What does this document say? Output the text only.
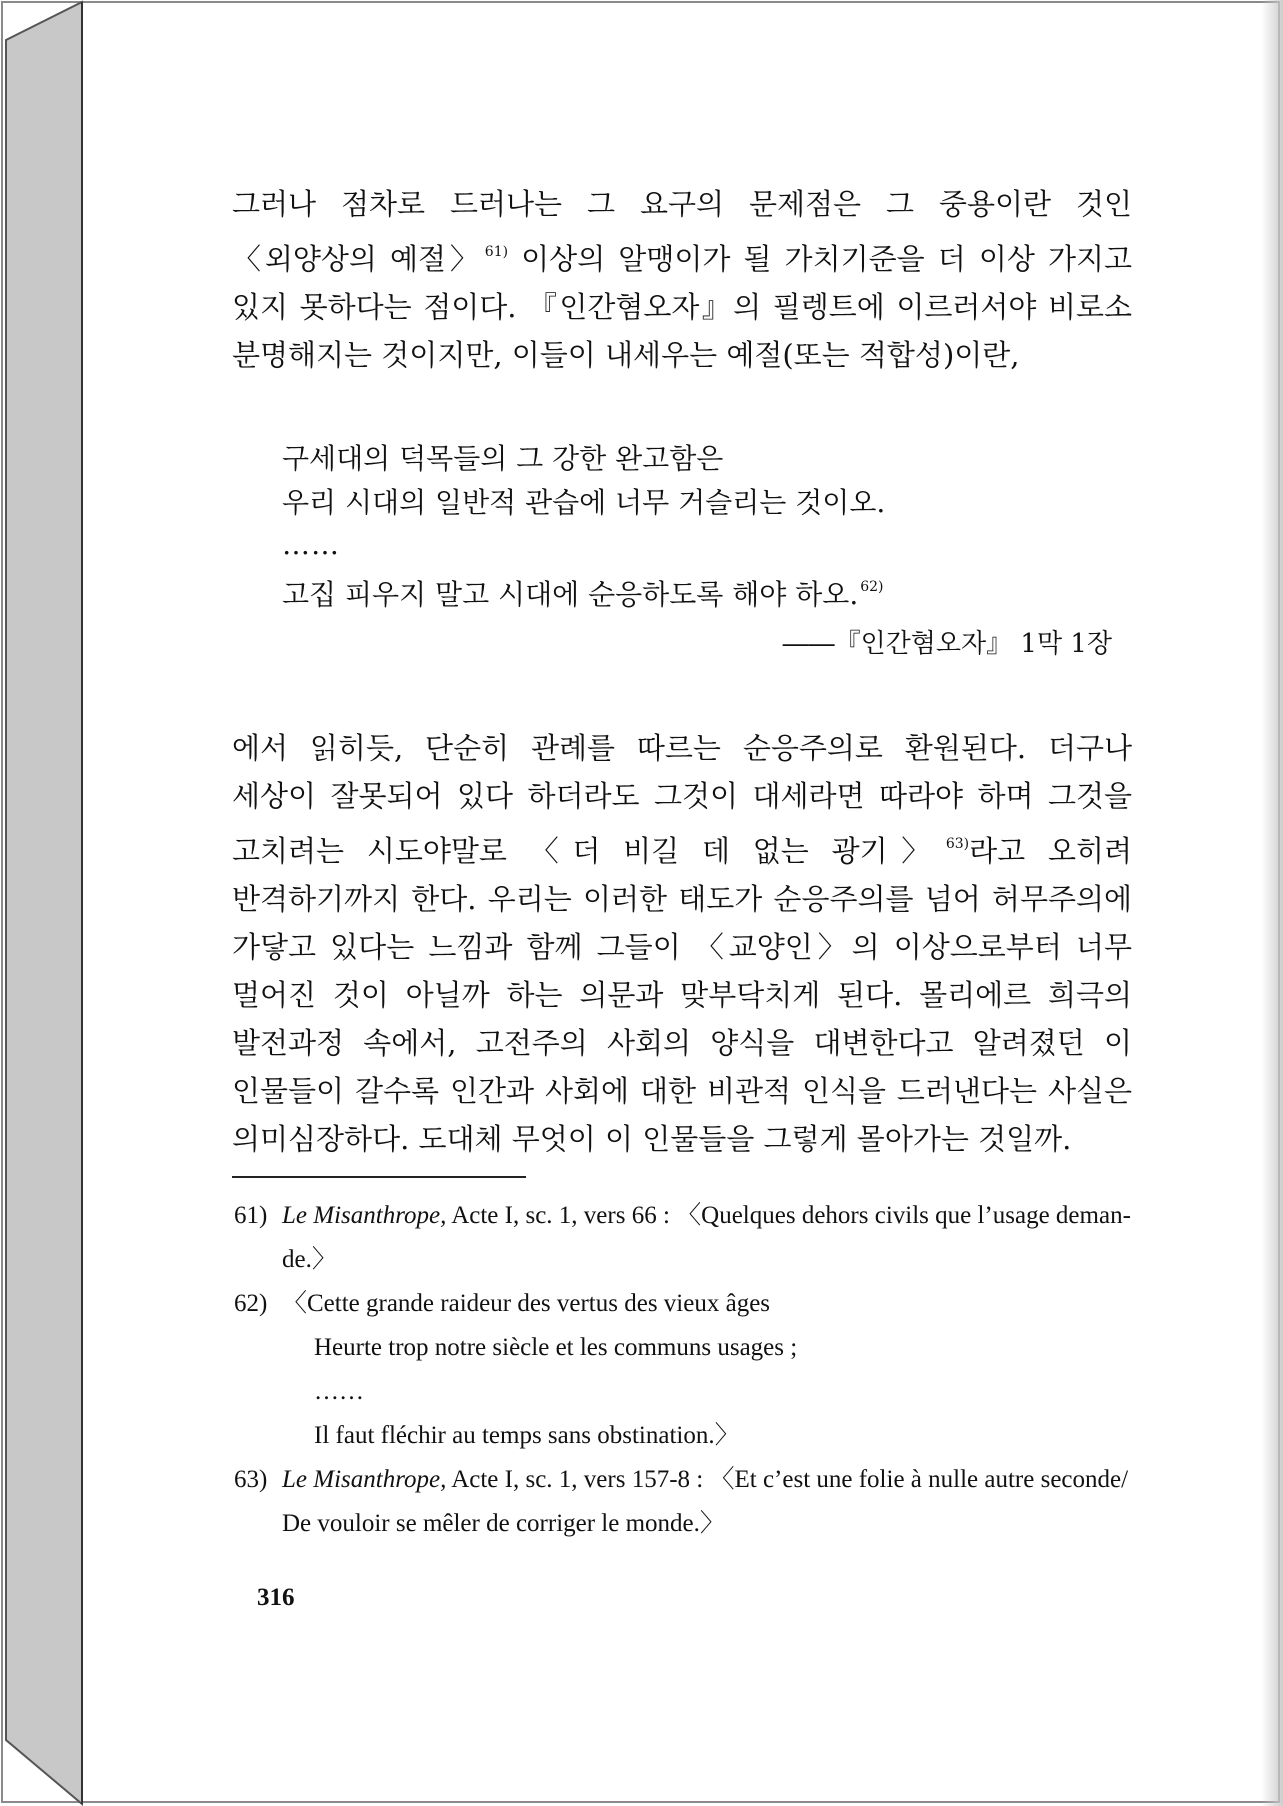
그러나 점차로 드러나는 그 요구의 문제점은 그 중용이란 것인 〈외양상의 예절〉 $^{61)}$ 이상의 알맹이가 될 가치기준을 더 이상 가지고 있지 못하다는 점이다. 『인간혐오자』의 필렝트에 이르러서야 비로소 분명해지는 것이지만, 이들이 내세우는 예절(또는 적합성)이란,

구세대의 덕목들의 그 강한 완고함은

우리 시대의 일반적 관습에 너무 거슬리는 것이오.

……

고집 피우지 말고 시대에 순응하도록 해야 하오. $^{62)}$

――『인간혐오자』 1막 1장

에서 읽히듯, 단순히 관례를 따르는 순응주의로 환원된다. 더구나 세상이 잘못되어 있다 하더라도 그것이 대세라면 따라야 하며 그것을 고치려는 시도야말로 〈더 비길 데 없는 광기〉 $^{63)}$라고 오히려 반격하기까지 한다. 우리는 이러한 태도가 순응주의를 넘어 허무주의에 가닿고 있다는 느낌과 함께 그들이 〈교양인〉의 이상으로부터 너무 멀어진 것이 아닐까 하는 의문과 맞부닥치게 된다. 몰리에르 희극의 발전과정 속에서, 고전주의 사회의 양식을 대변한다고 알려졌던 이 인물들이 갈수록 인간과 사회에 대한 비관적 인식을 드러낸다는 사실은 의미심장하다. 도대체 무엇이 이 인물들을 그렇게 몰아가는 것일까.

61) Le Misanthrope, Acte I, sc. 1, vers 66 : 〈Quelques dehors civils que l’usage deman-
de.〉
62) 〈Cette grande raideur des vertus des vieux âges
Heurte trop notre siècle et les communs usages ;
……
Il faut fléchir au temps sans obstination.〉
63) Le Misanthrope, Acte I, sc. 1, vers 157-8 : 〈Et c’est une folie à nulle autre seconde/
De vouloir se mêler de corriger le monde.〉
316
